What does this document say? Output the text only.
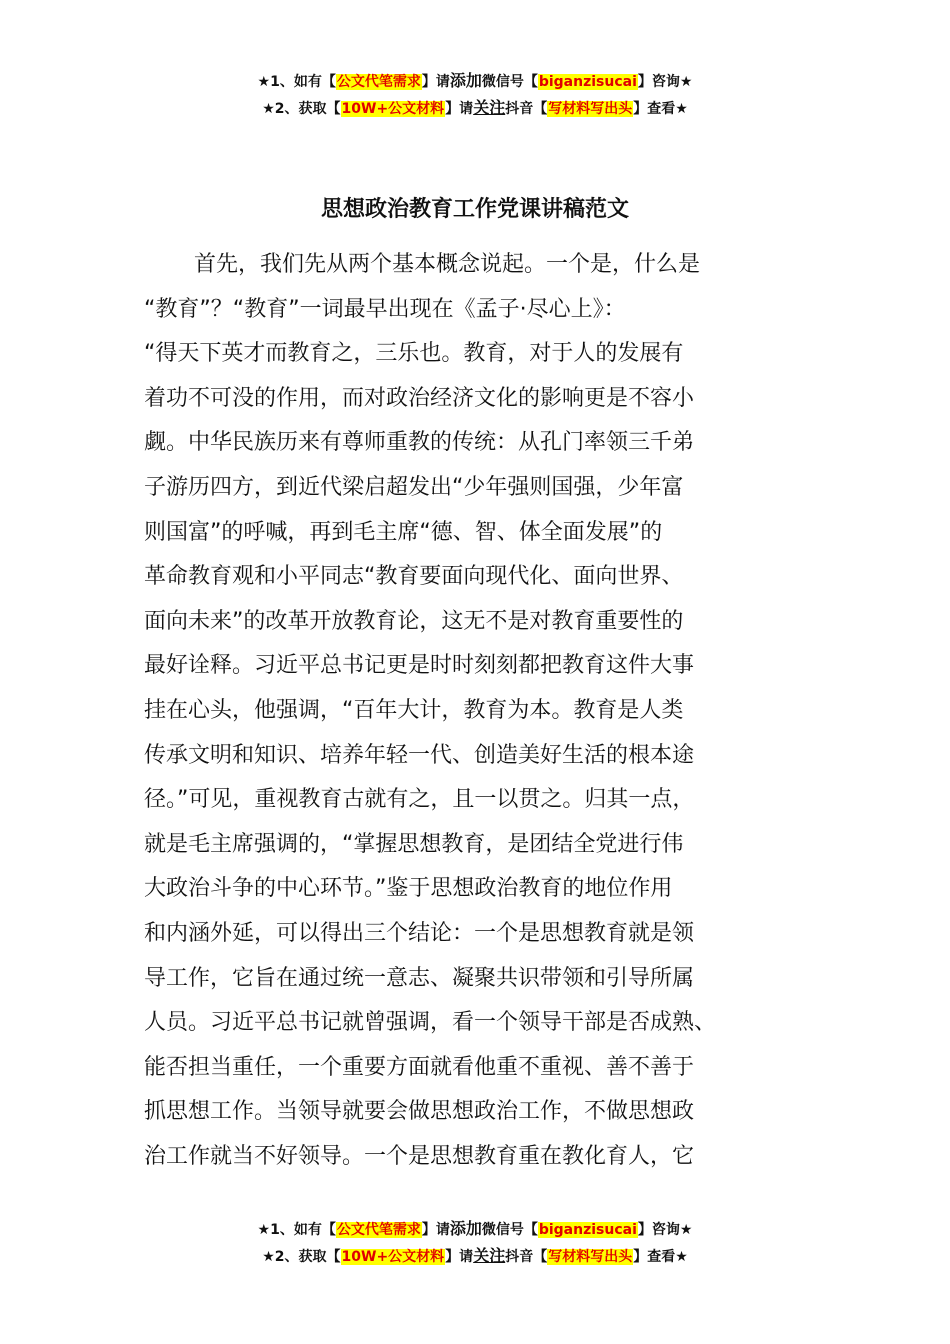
★1、如有【公文代笔需求】请添加微信号【biganzisucai】咨询★
★2、获取【10W+公文材料】请关注抖音【写材料写出头】查看★
思想政治教育工作党课讲稿范文
首先，我们先从两个基本概念说起。一个是，什么是
“教育”？“教育”一词最早出现在《孟子·尽心上》：
“得天下英才而教育之，三乐也。教育，对于人的发展有
着功不可没的作用，而对政治经济文化的影响更是不容小
觑。中华民族历来有尊师重教的传统：从孔门率领三千弟
子游历四方，到近代梁启超发出“少年强则国强，少年富
则国富”的呼喊，再到毛主席“德、智、体全面发展”的
革命教育观和小平同志“教育要面向现代化、面向世界、
面向未来”的改革开放教育论，这无不是对教育重要性的
最好诠释。习近平总书记更是时时刻刻都把教育这件大事
挂在心头，他强调，“百年大计，教育为本。教育是人类
传承文明和知识、培养年轻一代、创造美好生活的根本途
径。”可见，重视教育古就有之，且一以贯之。归其一点，
就是毛主席强调的，“掌握思想教育，是团结全党进行伟
大政治斗争的中心环节。”鉴于思想政治教育的地位作用
和内涵外延，可以得出三个结论：一个是思想教育就是领
导工作，它旨在通过统一意志、凝聚共识带领和引导所属
人员。习近平总书记就曾强调，看一个领导干部是否成熟、
能否担当重任，一个重要方面就看他重不重视、善不善于
抓思想工作。当领导就要会做思想政治工作，不做思想政
治工作就当不好领导。一个是思想教育重在教化育人，它
★1、如有【公文代笔需求】请添加微信号【biganzisucai】咨询★
★2、获取【10W+公文材料】请关注抖音【写材料写出头】查看★
